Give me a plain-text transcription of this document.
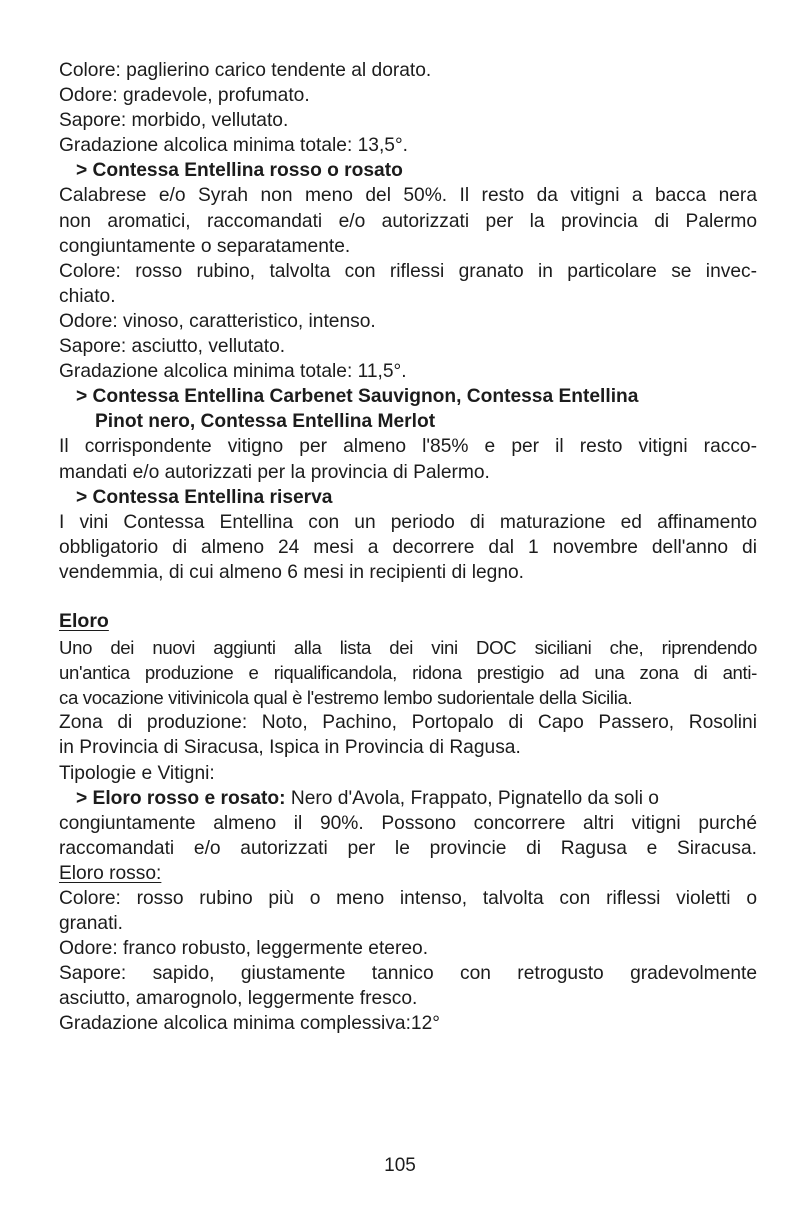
Colore: paglierino carico tendente al dorato.
Odore: gradevole, profumato.
Sapore: morbido, vellutato.
Gradazione alcolica minima totale: 13,5°.
> Contessa Entellina rosso o rosato
Calabrese e/o Syrah non meno del 50%. Il resto da vitigni a bacca nera
non aromatici, raccomandati e/o autorizzati per la provincia di Palermo
congiuntamente o separatamente.
Colore: rosso rubino, talvolta con riflessi granato in particolare se invec-
chiato.
Odore: vinoso, caratteristico, intenso.
Sapore: asciutto, vellutato.
Gradazione alcolica minima totale: 11,5°.
> Contessa Entellina Carbenet Sauvignon, Contessa Entellina
Pinot nero, Contessa Entellina Merlot
Il corrispondente vitigno per almeno l'85% e per il resto vitigni racco-
mandati e/o autorizzati per la provincia di Palermo.
> Contessa Entellina riserva
I vini Contessa Entellina con un periodo di maturazione ed affinamento
obbligatorio di almeno 24 mesi a decorrere dal 1 novembre dell'anno di
vendemmia, di cui almeno 6 mesi in recipienti di legno.
Eloro
Uno dei nuovi aggiunti alla lista dei vini DOC siciliani che, riprendendo
un'antica produzione e riqualificandola, ridona prestigio ad una zona di anti-
ca vocazione vitivinicola qual è l'estremo lembo sudorientale della Sicilia.
Zona di produzione: Noto, Pachino, Portopalo di Capo Passero, Rosolini
in Provincia di Siracusa, Ispica in Provincia di Ragusa.
Tipologie e Vitigni:
> Eloro rosso e rosato: Nero d'Avola, Frappato, Pignatello da soli o
congiuntamente almeno il 90%. Possono concorrere altri vitigni purché
raccomandati e/o autorizzati per le provincie di Ragusa e Siracusa.
Eloro rosso:
Colore: rosso rubino più o meno intenso, talvolta con riflessi violetti o
granati.
Odore: franco robusto, leggermente etereo.
Sapore: sapido, giustamente tannico con retrogusto gradevolmente
asciutto, amarognolo, leggermente fresco.
Gradazione alcolica minima complessiva:12°
105
